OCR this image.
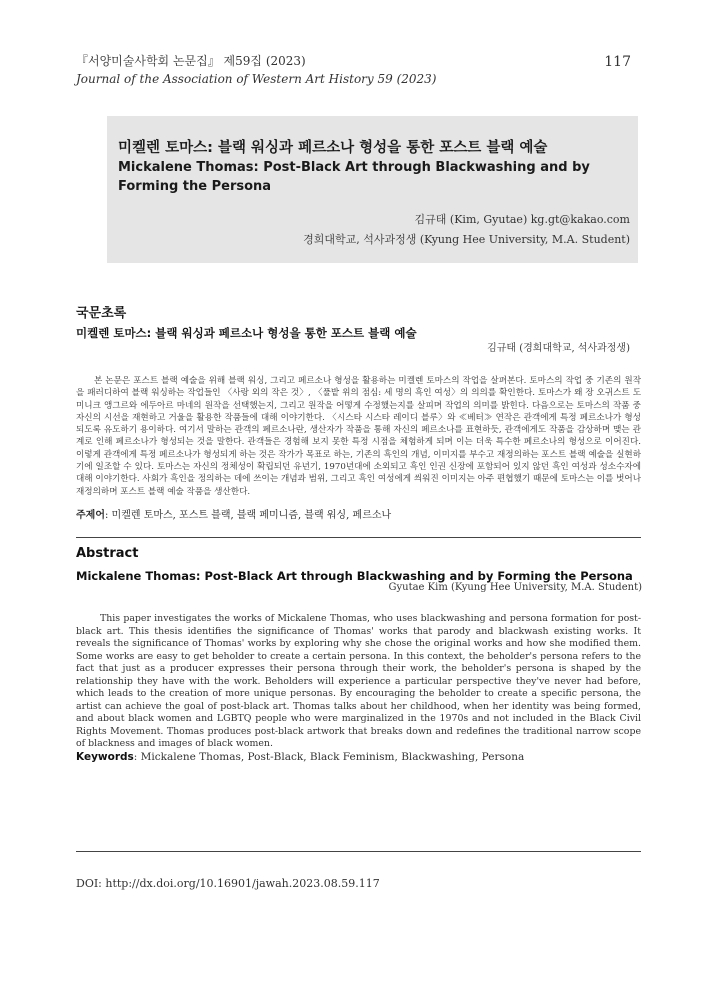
『서양미술사학회 논문집』 제59집 (2023)
Journal of the Association of Western Art History 59 (2023)
117
미켈렌 토마스: 블랙 워싱과 페르소나 형성을 통한 포스트 블랙 예술
Mickalene Thomas: Post-Black Art through Blackwashing and by Forming the Persona
김규태 (Kim, Gyutae) kg.gt@kakao.com
경희대학교, 석사과정생 (Kyung Hee University, M.A. Student)
국문초록
미켈렌 토마스: 블랙 워싱과 페르소나 형성을 통한 포스트 블랙 예술
김규태 (경희대학교, 석사과정생)

본 논문은 포스트 블랙 예술을 위해 블랙 워싱, 그리고 페르소나 형성을 활용하는 미켈렌 토마스의 작업을 살펴본다. 토마스의 작업 중 기존의 원작을 패러디하여 블랙 워싱하는 작업들인 〈사랑 외의 작은 것〉, 〈풀밭 위의 점심: 세 명의 흑인 여성〉의 의의를 확인한다. 토마스가 왜 장 오귀스트 도미니크 앵그르와 에두아르 마네의 원작을 선택했는지, 그리고 원작을 어떻게 수정했는지를 살피며 작업의 의미를 밝힌다. 다음으로는 토마스의 작품 중 자신의 시선을 재현하고 거울을 활용한 작품들에 대해 이야기한다. 〈시스타 시스타 레이디 블루〉와 ≪베터≫ 연작은 관객에게 특정 페르소나가 형성되도록 유도하기 용이하다. 여기서 말하는 관객의 페르소나란, 생산자가 작품을 통해 자신의 페르소나를 표현하듯, 관객에게도 작품을 감상하며 맺는 관계로 인해 페르소나가 형성되는 것을 말한다. 관객들은 경험해 보지 못한 특정 시점을 체험하게 되며 이는 더욱 특수한 페르소나의 형성으로 이어진다. 이렇게 관객에게 특정 페르소나가 형성되게 하는 것은 작가가 목표로 하는, 기존의 흑인의 개념, 이미지를 부수고 재정의하는 포스트 블랙 예술을 실현하기에 일조할 수 있다. 토마스는 자신의 정체성이 확립되던 유년기, 1970년대에 소외되고 흑인 인권 신장에 포함되어 있지 않던 흑인 여성과 성소수자에 대해 이야기한다. 사회가 흑인을 정의하는 데에 쓰이는 개념과 범위, 그리고 흑인 여성에게 씌워진 이미지는 아주 편협했기 때문에 토마스는 이를 벗어나 재정의하며 포스트 블랙 예술 작품을 생산한다.

주제어: 미켈렌 토마스, 포스트 블랙, 블랙 페미니즘, 블랙 워싱, 페르소나
Abstract
Mickalene Thomas: Post-Black Art through Blackwashing and by Forming the Persona
Gyutae Kim (Kyung Hee University, M.A. Student)

This paper investigates the works of Mickalene Thomas, who uses blackwashing and persona formation for post-black art. This thesis identifies the significance of Thomas' works that parody and blackwash existing works. It reveals the significance of Thomas' works by exploring why she chose the original works and how she modified them. Some works are easy to get beholder to create a certain persona. In this context, the beholder's persona refers to the fact that just as a producer expresses their persona through their work, the beholder's persona is shaped by the relationship they have with the work. Beholders will experience a particular perspective they've never had before, which leads to the creation of more unique personas. By encouraging the beholder to create a specific persona, the artist can achieve the goal of post-black art. Thomas talks about her childhood, when her identity was being formed, and about black women and LGBTQ people who were marginalized in the 1970s and not included in the Black Civil Rights Movement. Thomas produces post-black artwork that breaks down and redefines the traditional narrow scope of blackness and images of black women.

Keywords: Mickalene Thomas, Post-Black, Black Feminism, Blackwashing, Persona
DOI: http://dx.doi.org/10.16901/jawah.2023.08.59.117
